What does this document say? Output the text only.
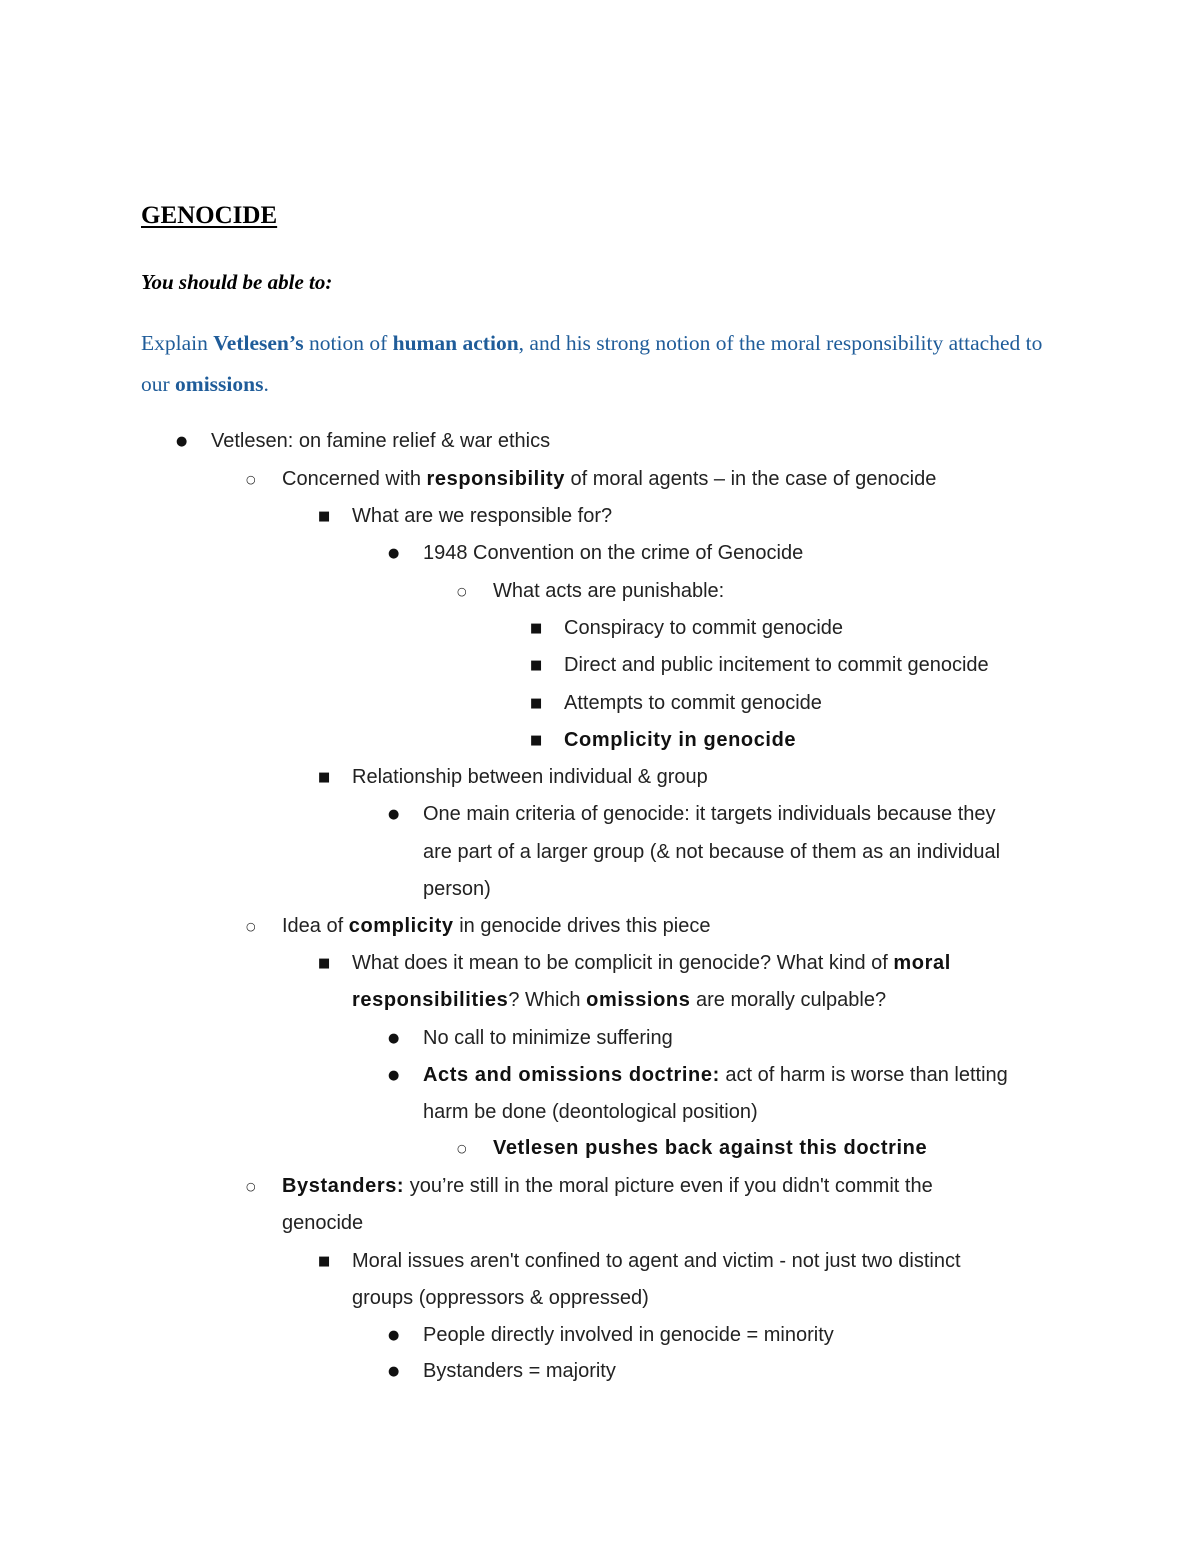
GENOCIDE
You should be able to:

Explain Vetlesen’s notion of human action, and his strong notion of the moral responsibility attached to our omissions.

● Vetlesen: on famine relief & war ethics
○ Concerned with responsibility of moral agents – in the case of genocide
■ What are we responsible for?
● 1948 Convention on the crime of Genocide
○ What acts are punishable:
■ Conspiracy to commit genocide
■ Direct and public incitement to commit genocide
■ Attempts to commit genocide
■ Complicity in genocide
■ Relationship between individual & group
● One main criteria of genocide: it targets individuals because they
are part of a larger group (& not because of them as an individual
person)
○ Idea of complicity in genocide drives this piece
■ What does it mean to be complicit in genocide? What kind of moral
responsibilities? Which omissions are morally culpable?
● No call to minimize suffering
● Acts and omissions doctrine: act of harm is worse than letting
harm be done (deontological position)
○ Vetlesen pushes back against this doctrine
○ Bystanders: you’re still in the moral picture even if you didn't commit the
genocide
■ Moral issues aren't confined to agent and victim - not just two distinct
groups (oppressors & oppressed)
● People directly involved in genocide = minority
● Bystanders = majority
